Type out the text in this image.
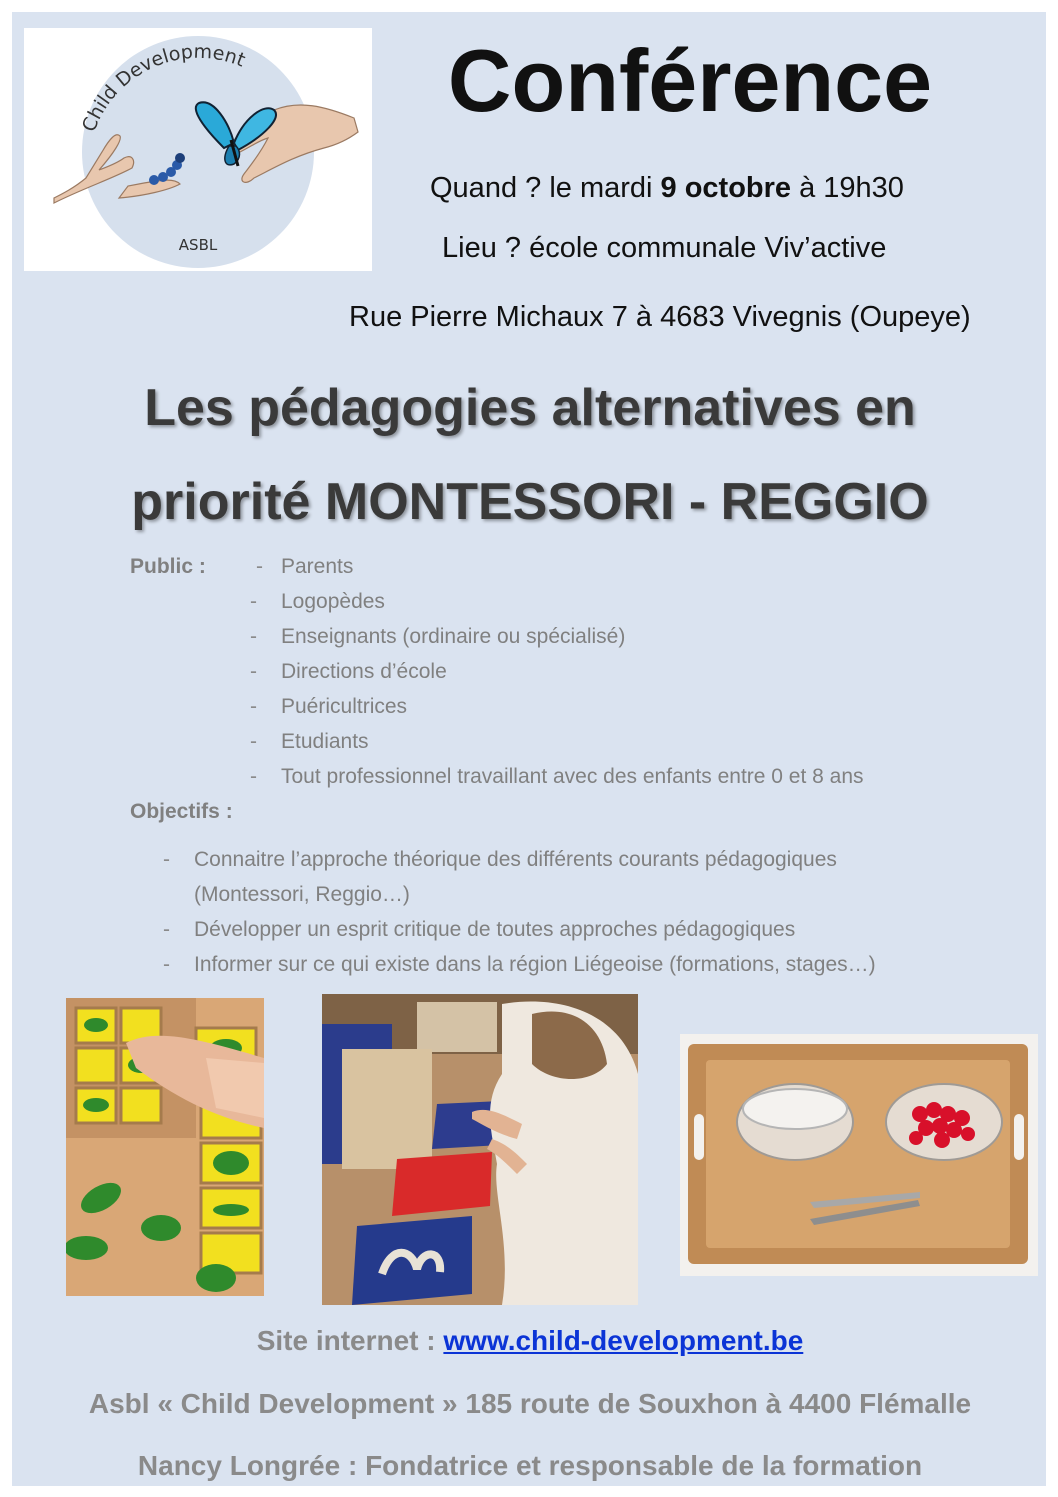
Child Development
ASBL
Conférence
Quand ? le mardi 9 octobre à 19h30
Lieu ? école communale Viv’active
Rue Pierre Michaux 7 à 4683 Vivegnis (Oupeye)
Les pédagogies alternatives en
priorité MONTESSORI - REGGIO
Public : - Parents
- Logopèdes
- Enseignants (ordinaire ou spécialisé)
- Directions d’école
- Puéricultrices
- Etudiants
- Tout professionnel travaillant avec des enfants entre 0 et 8 ans
Objectifs :
- Connaitre l’approche théorique des différents courants pédagogiques
(Montessori, Reggio…)
- Développer un esprit critique de toutes approches pédagogiques
- Informer sur ce qui existe dans la région Liégeoise (formations, stages…)
Site internet : www.child-development.be
Asbl « Child Development » 185 route de Souxhon à 4400 Flémalle
Nancy Longrée : Fondatrice et responsable de la formation
